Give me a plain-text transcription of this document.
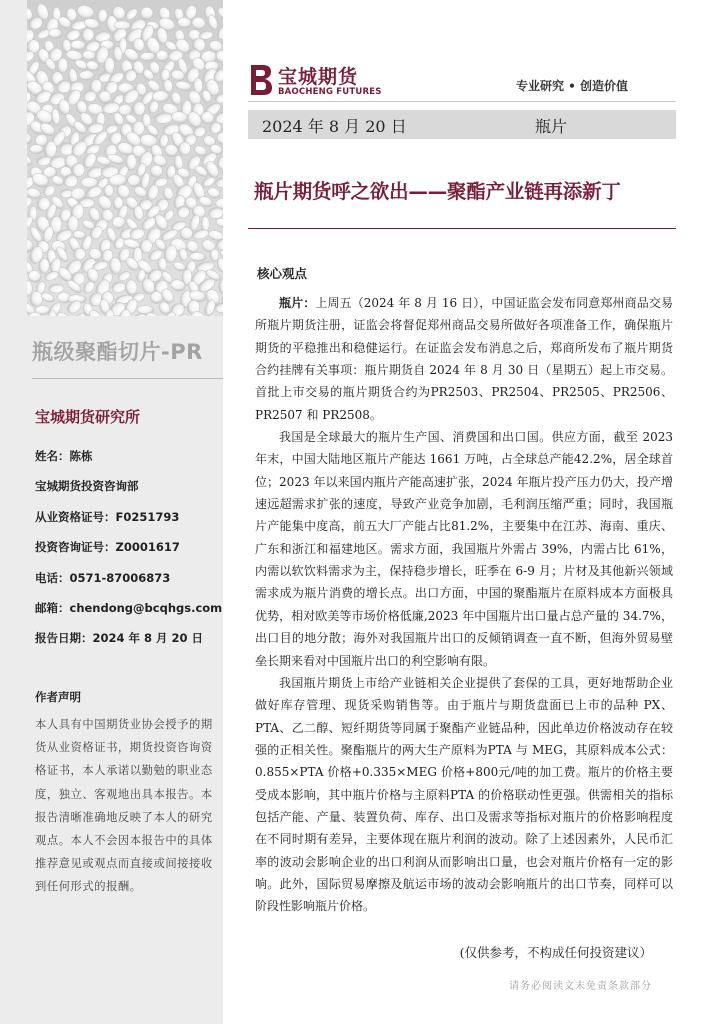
瓶级聚酯切片-PR
宝城期货研究所
姓名：陈栋
宝城期货投资咨询部
从业资格证号：F0251793
投资咨询证号：Z0001617
电话：0571-87006873
邮箱：chendong@bcqhgs.com
报告日期：2024 年 8 月 20 日
作者声明
本人具有中国期货业协会授予的期货从业资格证书，期货投资咨询资格证书，本人承诺以勤勉的职业态度，独立、客观地出具本报告。本报告清晰准确地反映了本人的研究观点。本人不会因本报告中的具体推荐意见或观点而直接或间接接收到任何形式的报酬。
宝城期货
BAOCHENG FUTURES	专业研究 • 创造价值
2024 年 8 月 20 日	瓶片
瓶片期货呼之欲出——聚酯产业链再添新丁
核心观点

瓶片：上周五（2024 年 8 月 16 日），中国证监会发布同意郑州商品交易所瓶片期货注册，证监会将督促郑州商品交易所做好各项准备工作，确保瓶片期货的平稳推出和稳健运行。在证监会发布消息之后，郑商所发布了瓶片期货合约挂牌有关事项：瓶片期货自 2024 年 8 月 30 日（星期五）起上市交易。首批上市交易的瓶片期货合约为PR2503、PR2504、PR2505、PR2506、PR2507 和 PR2508。

我国是全球最大的瓶片生产国、消费国和出口国。供应方面，截至 2023 年末，中国大陆地区瓶片产能达 1661 万吨，占全球总产能42.2%，居全球首位；2023 年以来国内瓶片产能高速扩张，2024 年瓶片投产压力仍大，投产增速远超需求扩张的速度，导致产业竞争加剧，毛利润压缩严重；同时，我国瓶片产能集中度高，前五大厂产能占比81.2%，主要集中在江苏、海南、重庆、广东和浙江和福建地区。需求方面，我国瓶片外需占 39%，内需占比 61%，内需以软饮料需求为主，保持稳步增长，旺季在 6-9 月；片材及其他新兴领域需求成为瓶片消费的增长点。出口方面，中国的聚酯瓶片在原料成本方面极具优势，相对欧美等市场价格低廉,2023 年中国瓶片出口量占总产量的 34.7%，出口目的地分散；海外对我国瓶片出口的反倾销调查一直不断，但海外贸易壁垒长期来看对中国瓶片出口的利空影响有限。

我国瓶片期货上市给产业链相关企业提供了套保的工具，更好地帮助企业做好库存管理、现货采购销售等。由于瓶片与期货盘面已上市的品种 PX、PTA、乙二醇、短纤期货等同属于聚酯产业链品种，因此单边价格波动存在较强的正相关性。聚酯瓶片的两大生产原料为PTA 与 MEG，其原料成本公式：0.855×PTA 价格+0.335×MEG 价格+800元/吨的加工费。瓶片的价格主要受成本影响，其中瓶片价格与主原料PTA 的价格联动性更强。供需相关的指标包括产能、产量、装置负荷、库存、出口及需求等指标对瓶片的价格影响程度在不同时期有差异，主要体现在瓶片利润的波动。除了上述因素外，人民币汇率的波动会影响企业的出口利润从而影响出口量，也会对瓶片价格有一定的影响。此外，国际贸易摩擦及航运市场的波动会影响瓶片的出口节奏，同样可以阶段性影响瓶片价格。

(仅供参考，不构成任何投资建议）
请务必阅读文末免责条款部分
